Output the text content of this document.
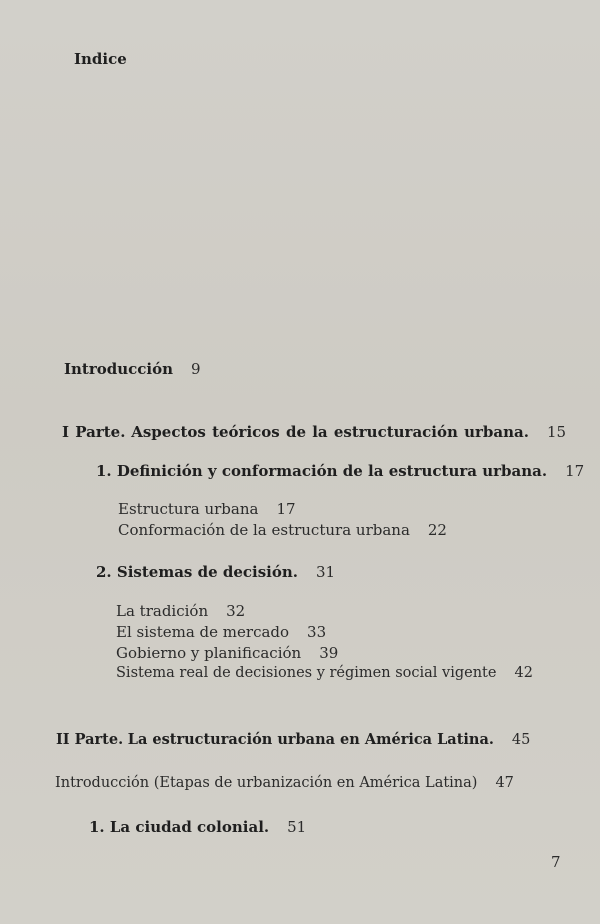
Indice
Introducción 9
I Parte. Aspectos teóricos de la estructuración urbana. 15
1. Definición y conformación de la estructura urbana. 17
Estructura urbana 17
Conformación de la estructura urbana 22
2. Sistemas de decisión. 31
La tradición 32
El sistema de mercado 33
Gobierno y planificación 39
Sistema real de decisiones y régimen social vigente 42
II Parte. La estructuración urbana en América Latina. 45
Introducción (Etapas de urbanización en América Latina) 47
1. La ciudad colonial. 51
7
